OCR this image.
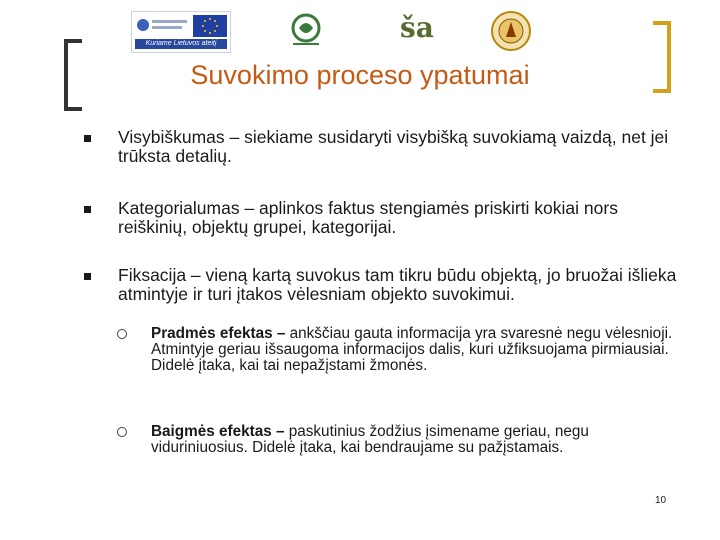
Kuriame Lietuvos ateitį	ša
Suvokimo proceso ypatumai
Visybiškumas – siekiame susidaryti visybišką suvokiamą vaizdą, net jei trūksta detalių.
Kategorialumas – aplinkos faktus stengiamės priskirti kokiai nors reiškinių, objektų grupei, kategorijai.
Fiksacija – vieną kartą suvokus tam tikru būdu objektą, jo bruožai išlieka atmintyje ir turi įtakos vėlesniam objekto suvokimui.
Pradmės efektas – ankščiau gauta informacija yra svaresnė negu vėlesnioji. Atmintyje geriau išsaugoma informacijos dalis, kuri užfiksuojama pirmiausiai. Didelė įtaka, kai tai nepažįstami žmonės.
Baigmės efektas – paskutinius žodžius įsimename geriau, negu viduriniuosius. Didelė įtaka, kai bendraujame su pažįstamais.
10
